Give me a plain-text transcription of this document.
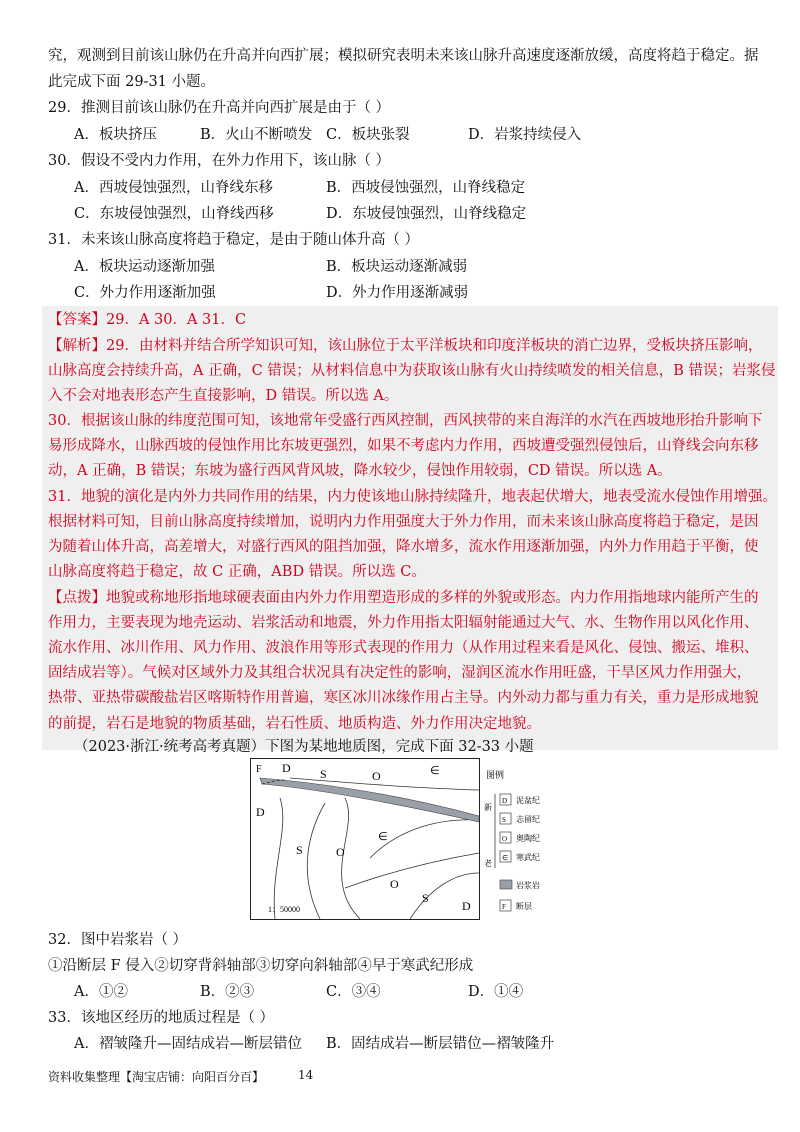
究，观测到目前该山脉仍在升高并向西扩展；模拟研究表明未来该山脉升高速度逐渐放缓，高度将趋于稳定。据
此完成下面 29-31 小题。
29．推测目前该山脉仍在升高并向西扩展是由于（ ）
A．板块挤压	B．火山不断喷发 C．板块张裂	D．岩浆持续侵入
30．假设不受内力作用，在外力作用下，该山脉（ ）
A．西坡侵蚀强烈，山脊线东移	B．西坡侵蚀强烈，山脊线稳定
C．东坡侵蚀强烈，山脊线西移	D．东坡侵蚀强烈，山脊线稳定
31．未来该山脉高度将趋于稳定，是由于随山体升高（ ）
A．板块运动逐渐加强	B．板块运动逐渐减弱
C．外力作用逐渐加强	D．外力作用逐渐减弱
【答案】29．A 30．A 31．C
【解析】29．由材料并结合所学知识可知，该山脉位于太平洋板块和印度洋板块的消亡边界，受板块挤压影响，
山脉高度会持续升高，A 正确，C 错误；从材料信息中为获取该山脉有火山持续喷发的相关信息，B 错误；岩浆侵
入不会对地表形态产生直接影响，D 错误。所以选 A。
30．根据该山脉的纬度范围可知，该地常年受盛行西风控制，西风挟带的来自海洋的水汽在西坡地形抬升影响下
易形成降水，山脉西坡的侵蚀作用比东坡更强烈，如果不考虑内力作用，西坡遭受强烈侵蚀后，山脊线会向东移
动，A 正确，B 错误；东坡为盛行西风背风坡，降水较少，侵蚀作用较弱，CD 错误。所以选 A。
31．地貌的演化是内外力共同作用的结果，内力使该地山脉持续隆升，地表起伏增大，地表受流水侵蚀作用增强。
根据材料可知，目前山脉高度持续增加，说明内力作用强度大于外力作用，而未来该山脉高度将趋于稳定，是因
为随着山体升高，高差增大，对盛行西风的阻挡加强，降水增多，流水作用逐渐加强，内外力作用趋于平衡，使
山脉高度将趋于稳定，故 C 正确，ABD 错误。所以选 C。
【点拨】地貌或称地形指地球硬表面由内外力作用塑造形成的多样的外貌或形态。内力作用指地球内能所产生的
作用力，主要表现为地壳运动、岩浆活动和地震，外力作用指太阳辐射能通过大气、水、生物作用以风化作用、
流水作用、冰川作用、风力作用、波浪作用等形式表现的作用力（从作用过程来看是风化、侵蚀、搬运、堆积、
固结成岩等）。气候对区域外力及其组合状况具有决定性的影响，湿润区流水作用旺盛，干旱区风力作用强大，
热带、亚热带碳酸盐岩区喀斯特作用普遍，寒区冰川冰缘作用占主导。内外动力都与重力有关，重力是形成地貌
的前提，岩石是地貌的物质基础，岩石性质、地质构造、外力作用决定地貌。
（2023·浙江·统考高考真题）下图为某地地质图，完成下面 32-33 小题
F D S	O	∈
D
S	O
∈
O
S
D
1：50000
图例
新
老
D 泥盆纪
S 志留纪
O 奥陶纪
∈ 寒武纪
岩浆岩
F 断层
32．图中岩浆岩（ ）
①沿断层 F 侵入②切穿背斜轴部③切穿向斜轴部④早于寒武纪形成
A．①②	B．②③	C．③④	D．①④
33．该地区经历的地质过程是（ ）
A．褶皱隆升—固结成岩—断层错位 B．固结成岩—断层错位—褶皱隆升
资料收集整理【淘宝店铺：向阳百分百】	14
